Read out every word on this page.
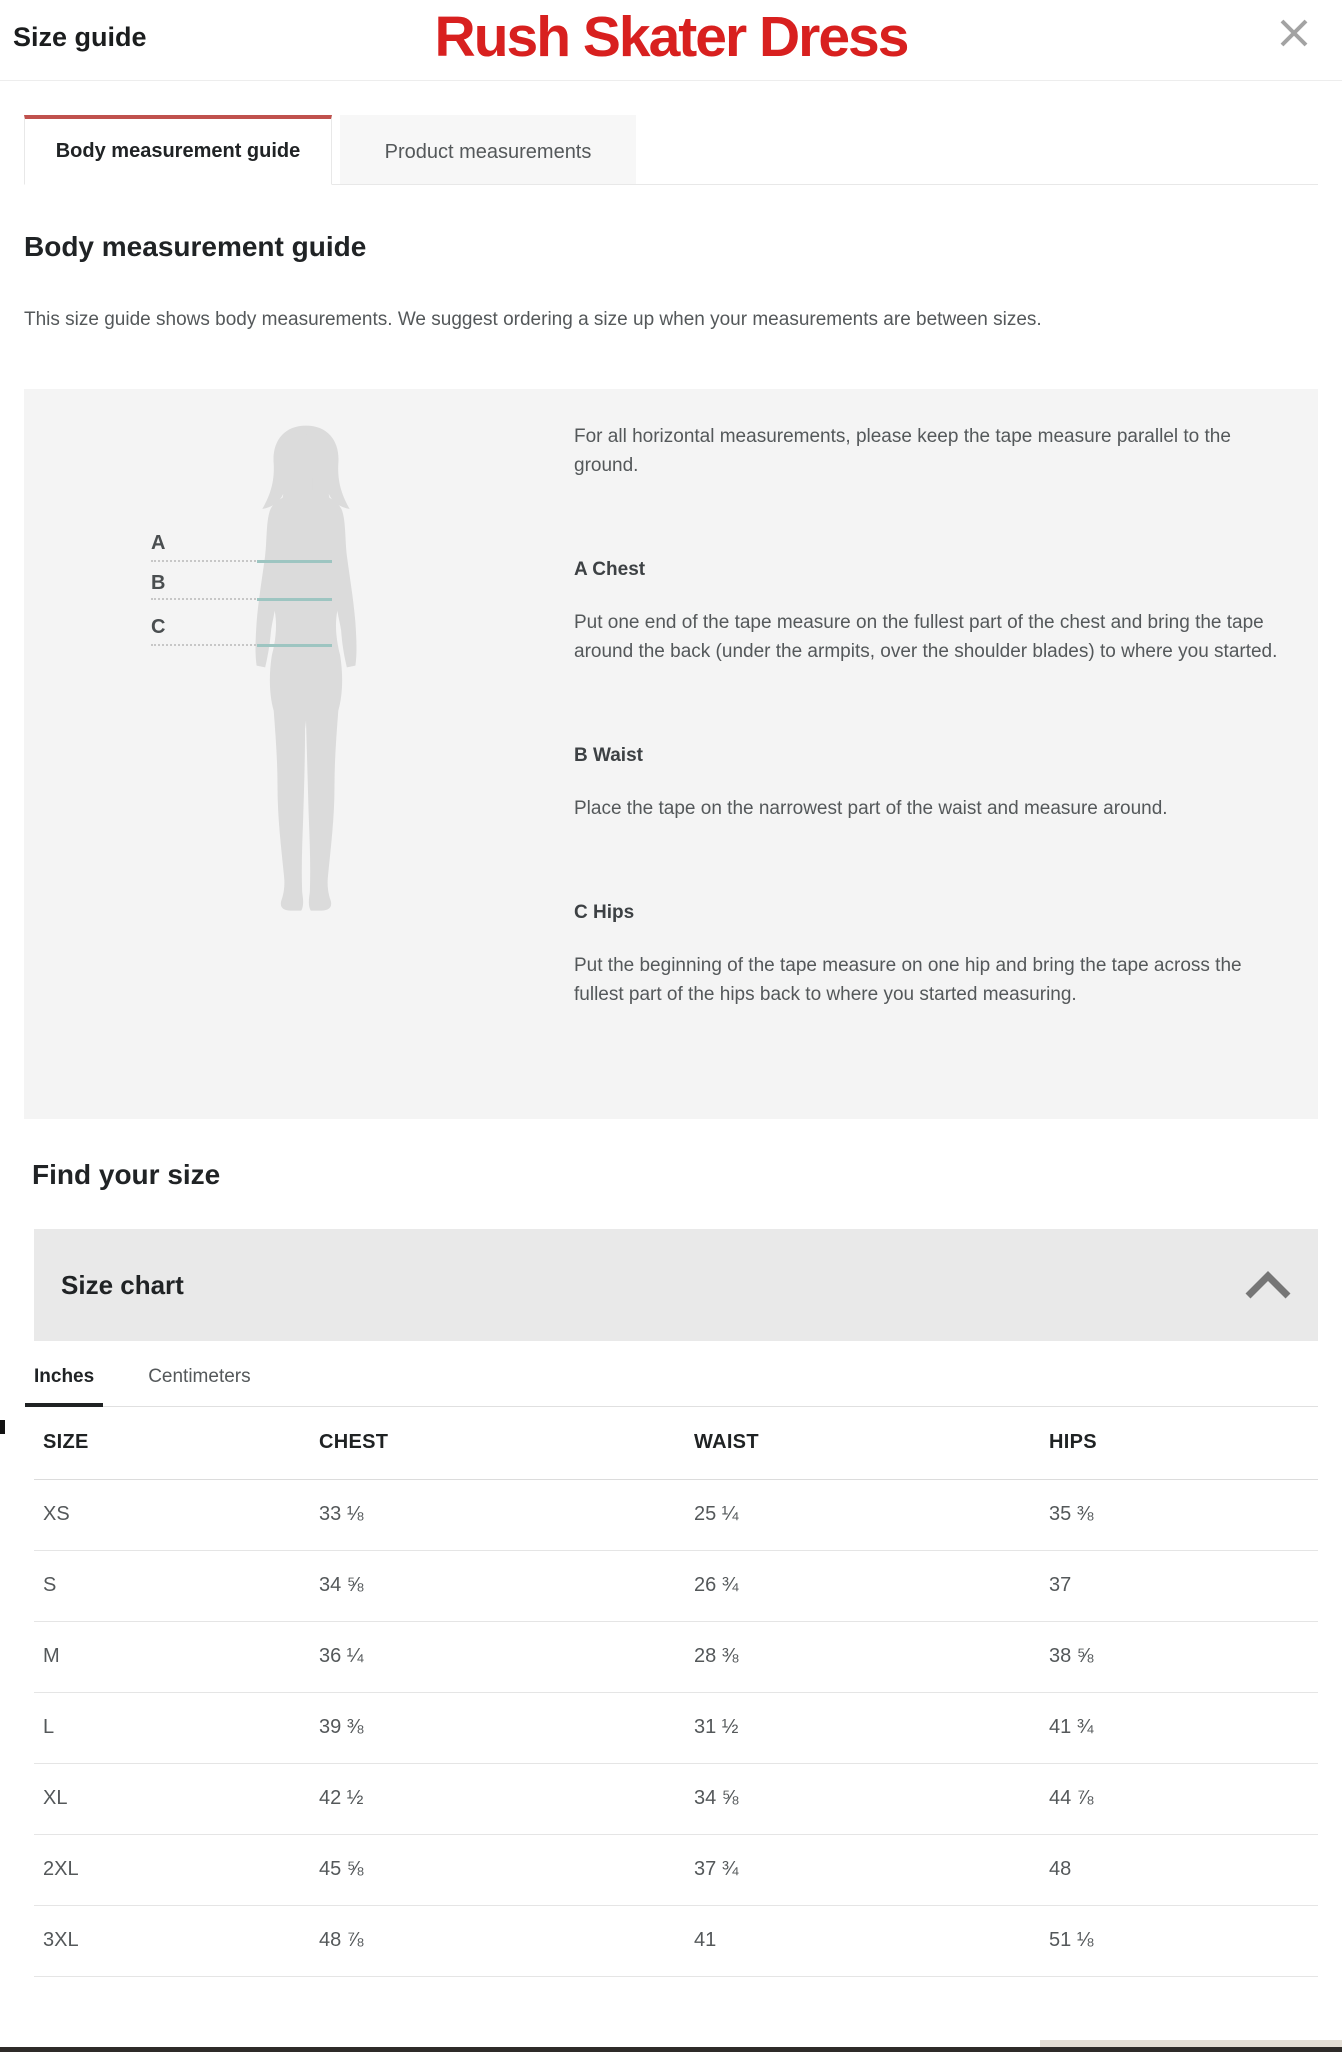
Size guide	Rush Skater Dress
Body measurement guide	Product measurements
Body measurement guide

This size guide shows body measurements. We suggest ordering a size up when your measurements are between sizes.

A
B
C

For all horizontal measurements, please keep the tape measure parallel to the ground.

A Chest

Put one end of the tape measure on the fullest part of the chest and bring the tape around the back (under the armpits, over the shoulder blades) to where you started.

B Waist

Place the tape on the narrowest part of the waist and measure around.

C Hips

Put the beginning of the tape measure on one hip and bring the tape across the fullest part of the hips back to where you started measuring.

Find your size
Size chart
Inches	Centimeters
SIZE	CHEST	WAIST	HIPS
XS	33 ⅛	25 ¼	35 ⅜
S	34 ⅝	26 ¾	37
M	36 ¼	28 ⅜	38 ⅝
L	39 ⅜	31 ½	41 ¾
XL	42 ½	34 ⅝	44 ⅞
2XL	45 ⅝	37 ¾	48
3XL	48 ⅞	41	51 ⅛
